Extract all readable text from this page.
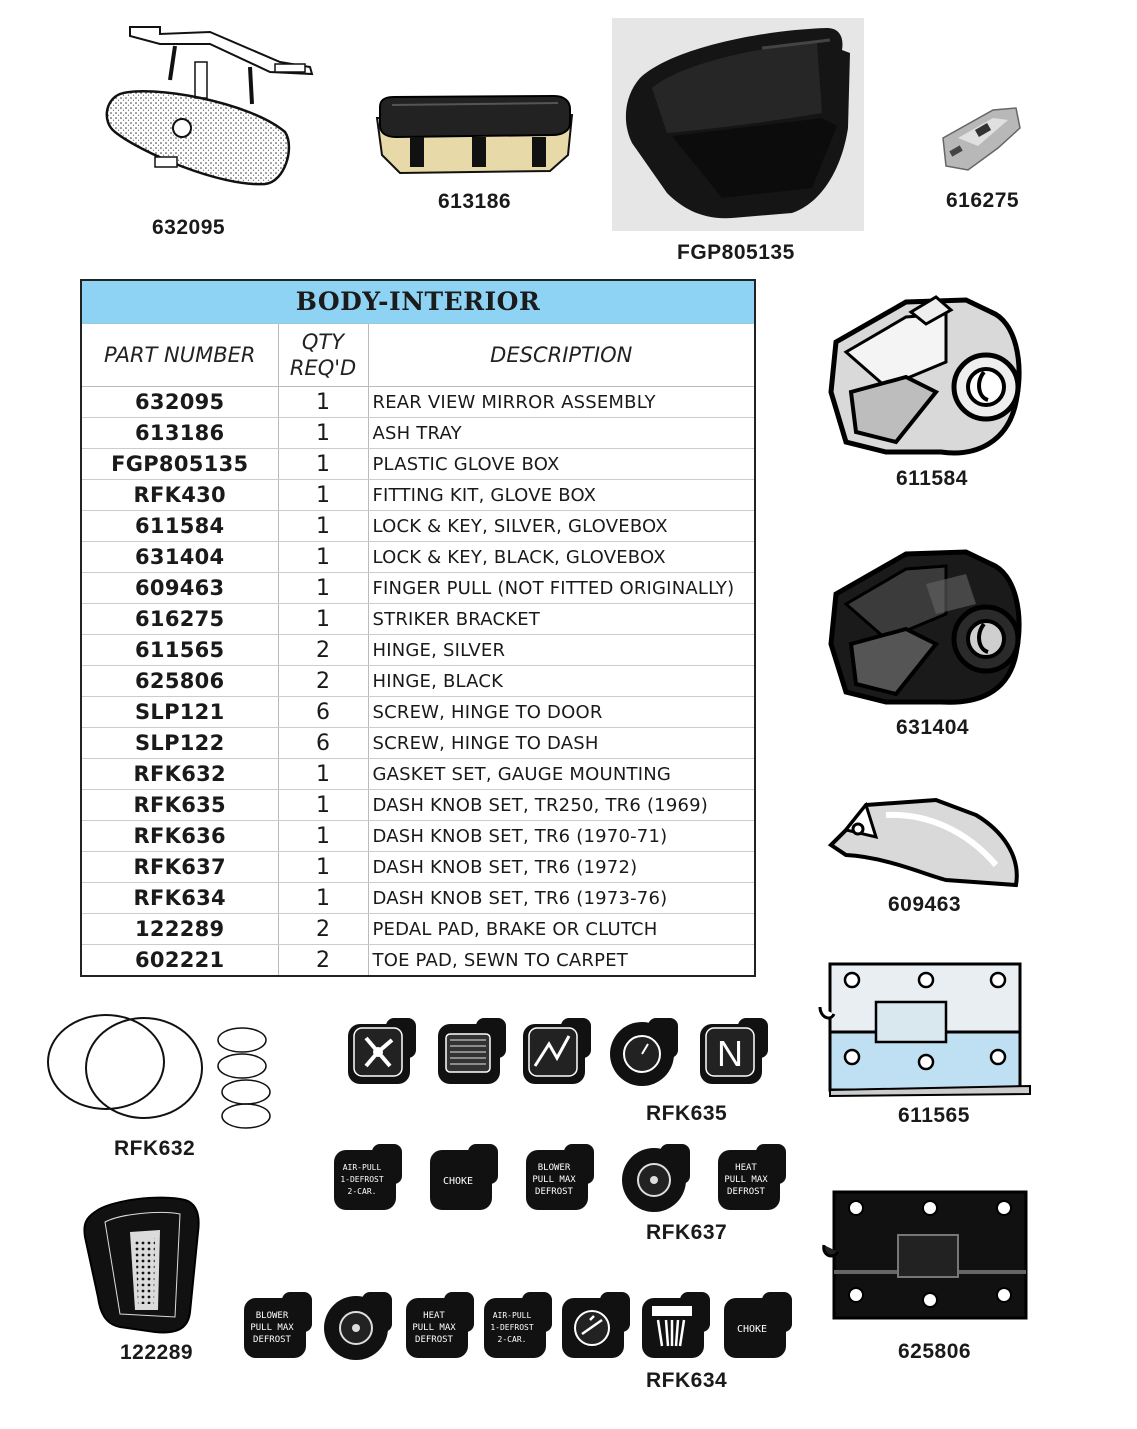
632095
613186
FGP805135
616275
BODY-INTERIOR
PART NUMBER	QTY REQ'D	DESCRIPTION
632095	1	REAR VIEW MIRROR ASSEMBLY
613186	1	ASH TRAY
FGP805135	1	PLASTIC GLOVE BOX
RFK430	1	FITTING KIT, GLOVE BOX
611584	1	LOCK & KEY, SILVER, GLOVEBOX
631404	1	LOCK & KEY, BLACK, GLOVEBOX
609463	1	FINGER PULL (NOT FITTED ORIGINALLY)
616275	1	STRIKER BRACKET
611565	2	HINGE, SILVER
625806	2	HINGE, BLACK
SLP121	6	SCREW, HINGE TO DOOR
SLP122	6	SCREW, HINGE TO DASH
RFK632	1	GASKET SET, GAUGE MOUNTING
RFK635	1	DASH KNOB SET, TR250, TR6 (1969)
RFK636	1	DASH KNOB SET, TR6 (1970-71)
RFK637	1	DASH KNOB SET, TR6 (1972)
RFK634	1	DASH KNOB SET, TR6 (1973-76)
122289	2	PEDAL PAD, BRAKE OR CLUTCH
602221	2	TOE PAD, SEWN TO CARPET
611584
631404
609463
611565
625806
RFK632
122289
N
RFK635
AIR-PULL
1-DEFROST
2-CAR.
CHOKE
BLOWER
PULL MAX
DEFROST
HEAT
PULL MAX
DEFROST
RFK637
BLOWER
PULL MAX
DEFROST
HEAT
PULL MAX
DEFROST
AIR-PULL
1-DEFROST
2-CAR.
CHOKE
RFK634
